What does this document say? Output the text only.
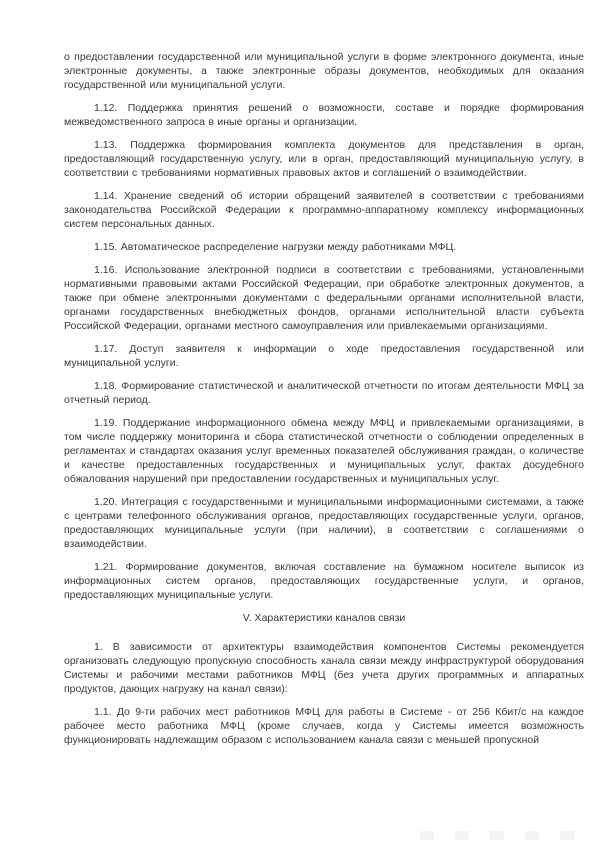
о предоставлении государственной или муниципальной услуги в форме электронного документа, иные электронные документы, а также электронные образы документов, необходимых для оказания государственной или муниципальной услуги.

1.12. Поддержка принятия решений о возможности, составе и порядке формирования межведомственного запроса в иные органы и организации.

1.13. Поддержка формирования комплекта документов для представления в орган, предоставляющий государственную услугу, или в орган, предоставляющий муниципальную услугу, в соответствии с требованиями нормативных правовых актов и соглашений о взаимодействии.

1.14. Хранение сведений об истории обращений заявителей в соответствии с требованиями законодательства Российской Федерации к программно-аппаратному комплексу информационных систем персональных данных.

1.15. Автоматическое распределение нагрузки между работниками МФЦ.

1.16. Использование электронной подписи в соответствии с требованиями, установленными нормативными правовыми актами Российской Федерации, при обработке электронных документов, а также при обмене электронными документами с федеральными органами исполнительной власти, органами государственных внебюджетных фондов, органами исполнительной власти субъекта Российской Федерации, органами местного самоуправления или привлекаемыми организациями.

1.17. Доступ заявителя к информации о ходе предоставления государственной или муниципальной услуги.

1.18. Формирование статистической и аналитической отчетности по итогам деятельности МФЦ за отчетный период.

1.19. Поддержание информационного обмена между МФЦ и привлекаемыми организациями, в том числе поддержку мониторинга и сбора статистической отчетности о соблюдении определенных в регламентах и стандартах оказания услуг временных показателей обслуживания граждан, о количестве и качестве предоставленных государственных и муниципальных услуг, фактах досудебного обжалования нарушений при предоставлении государственных и муниципальных услуг.

1.20. Интеграция с государственными и муниципальными информационными системами, а также с центрами телефонного обслуживания органов, предоставляющих государственные услуги, органов, предоставляющих муниципальные услуги (при наличии), в соответствии с соглашениями о взаимодействии.

1.21. Формирование документов, включая составление на бумажном носителе выписок из информационных систем органов, предоставляющих государственные услуги, и органов, предоставляющих муниципальные услуги.

V. Характеристики каналов связи

1. В зависимости от архитектуры взаимодействия компонентов Системы рекомендуется организовать следующую пропускную способность канала связи между инфраструктурой оборудования Системы и рабочими местами работников МФЦ (без учета других программных и аппаратных продуктов, дающих нагрузку на канал связи):

1.1. До 9-ти рабочих мест работников МФЦ для работы в Системе - от 256 Кбит/с на каждое рабочее место работника МФЦ (кроме случаев, когда у Системы имеется возможность функционировать надлежащим образом с использованием канала связи с меньшей пропускной
